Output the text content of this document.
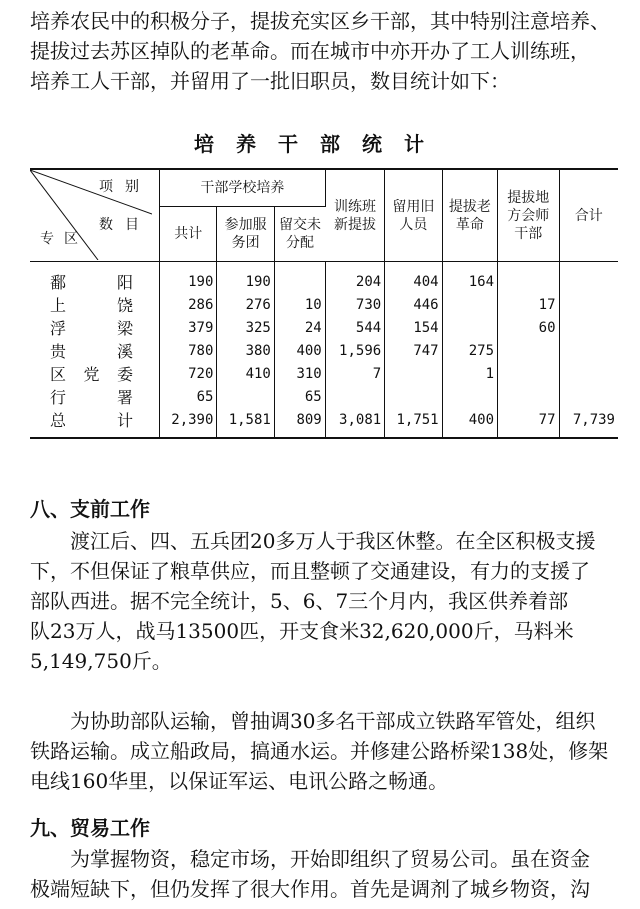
培养农民中的积极分子，提拔充实区乡干部，其中特别注意培养、
提拔过去苏区掉队的老革命。而在城市中亦开办了工人训练班，
培养工人干部，并留用了一批旧职员，数目统计如下：

培养干部统计
项别
数目
专区	干部学校培养			训练班新提拔	留用旧人员	提拔老革命	提拔地方会师干部	合计
	共计	参加服务团	留交未分配					
鄱阳	190	190		204	404	164		
上饶	286	276	10	730	446		17	
浮梁	379	325	24	544	154		60	
贵溪	780	380	400	1,596	747	275		
区党委	720	410	310	7		1		
行署	65		65					
总计	2,390	1,581	809	3,081	1,751	400	77	7,739
八、支前工作

渡江后、四、五兵团20多万人于我区休整。在全区积极支援
下，不但保证了粮草供应，而且整顿了交通建设，有力的支援了
部队西进。据不完全统计，5、6、7三个月内，我区供养着部
队23万人，战马13500匹，开支食米32,620,000斤，马料米
5,149,750斤。

为协助部队运输，曾抽调30多名干部成立铁路军管处，组织
铁路运输。成立船政局，搞通水运。并修建公路桥梁138处，修架
电线160华里，以保证军运、电讯公路之畅通。

九、贸易工作

为掌握物资，稳定市场，开始即组织了贸易公司。虽在资金
极端短缺下，但仍发挥了很大作用。首先是调剂了城乡物资，沟
